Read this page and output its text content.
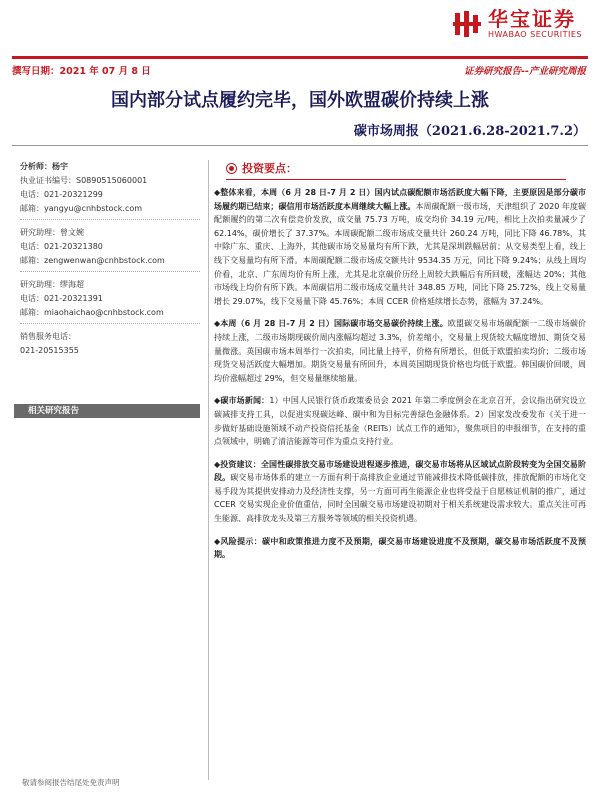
华宝证券
HWABAO SECURITIES
撰写日期：2021 年 07 月 8 日	证券研究报告--产业研究周报
国内部分试点履约完毕，国外欧盟碳价持续上涨
碳市场周报（2021.6.28-2021.7.2）
分析师：杨宇
执业证书编号：S0890515060001
电话：021-20321299
邮箱：yangyu@cnhbstock.com
研究助理：曾文婉
电话：021-20321380
邮箱：zengwenwan@cnhbstock.com
研究助理：缪海超
电话：021-20321391
邮箱：miaohaichao@cnhbstock.com
销售服务电话：
021-20515355
相关研究报告
投资要点：
◆整体来看，本周（6 月 28 日-7 月 2 日）国内试点碳配额市场活跃度大幅下降，主要原因是部分碳市场履约期已结束；碳信用市场活跃度本周继续大幅上涨。本周碳配额一级市场，天津组织了 2020 年度碳配额履约的第二次有偿竞价发放，成交量 75.73 万吨，成交均价 34.19 元/吨，相比上次拍卖量减少了 62.14%，碳价增长了 37.37%。本周碳配额二级市场成交量共计 260.24 万吨，同比下降 46.78%，其中除广东、重庆、上海外，其他碳市场交易量均有所下跌，尤其是深圳跌幅居前；从交易类型上看，线上线下交易量均有所下滑。本周碳配额二级市场成交额共计 9534.35 万元，同比下降 9.24%；从线上周均价看，北京、广东周均价有所上涨，尤其是北京碳价历经上周较大跌幅后有所回暖，涨幅达 20%；其他市场线上均价有所下跌。本周碳信用二级市场成交量共计 348.85 万吨，同比下降 25.72%，线上交易量增长 29.07%，线下交易量下降 45.76%；本周 CCER 价格延续增长态势，涨幅为 37.24%。
◆本周（6 月 28 日-7 月 2 日）国际碳市场交易碳价持续上涨。欧盟碳交易市场碳配额一二级市场碳价持续上涨，二级市场期现碳价周内涨幅均超过 3.3%，价差缩小，交易量上现货较大幅度增加、期货交易量微涨。英国碳市场本周举行一次拍卖，同比量上持平，价格有所增长，但低于欧盟拍卖均价；二级市场现货交易活跃度大幅增加。期货交易量有所回升，本周英国期现货价格也均低于欧盟。韩国碳价回暖，周均价涨幅超过 29%，但交易量继续缩量。
◆碳市场新闻：1）中国人民银行货币政策委员会 2021 年第二季度例会在北京召开，会议指出研究设立碳减排支持工具，以促进实现碳达峰、碳中和为目标完善绿色金融体系。2）国家发改委发布《关于进一步做好基础设施领域不动产投资信托基金（REITs）试点工作的通知》，聚焦项目的申报细节，在支持的重点领域中，明确了清洁能源等可作为重点支持行业。
◆投资建议：全国性碳排放交易市场建设进程逐步推进，碳交易市场将从区域试点阶段转变为全国交易阶段。碳交易市场体系的建立一方面有利于高排放企业通过节能减排技术降低碳排放，排放配额的市场化交易手段为其提供安排动力及经济性支撑，另一方面可再生能源企业也将受益于自愿核证机制的推广，通过 CCER 交易实现企业价值重估，同时全国碳交易市场建设初期对于相关系统建设需求较大。重点关注可再生能源、高排放龙头及第三方服务等领域的相关投资机遇。
◆风险提示：碳中和政策推进力度不及预期，碳交易市场建设进度不及预期，碳交易市场活跃度不及预期。
敬请参阅报告结尾处免责声明
